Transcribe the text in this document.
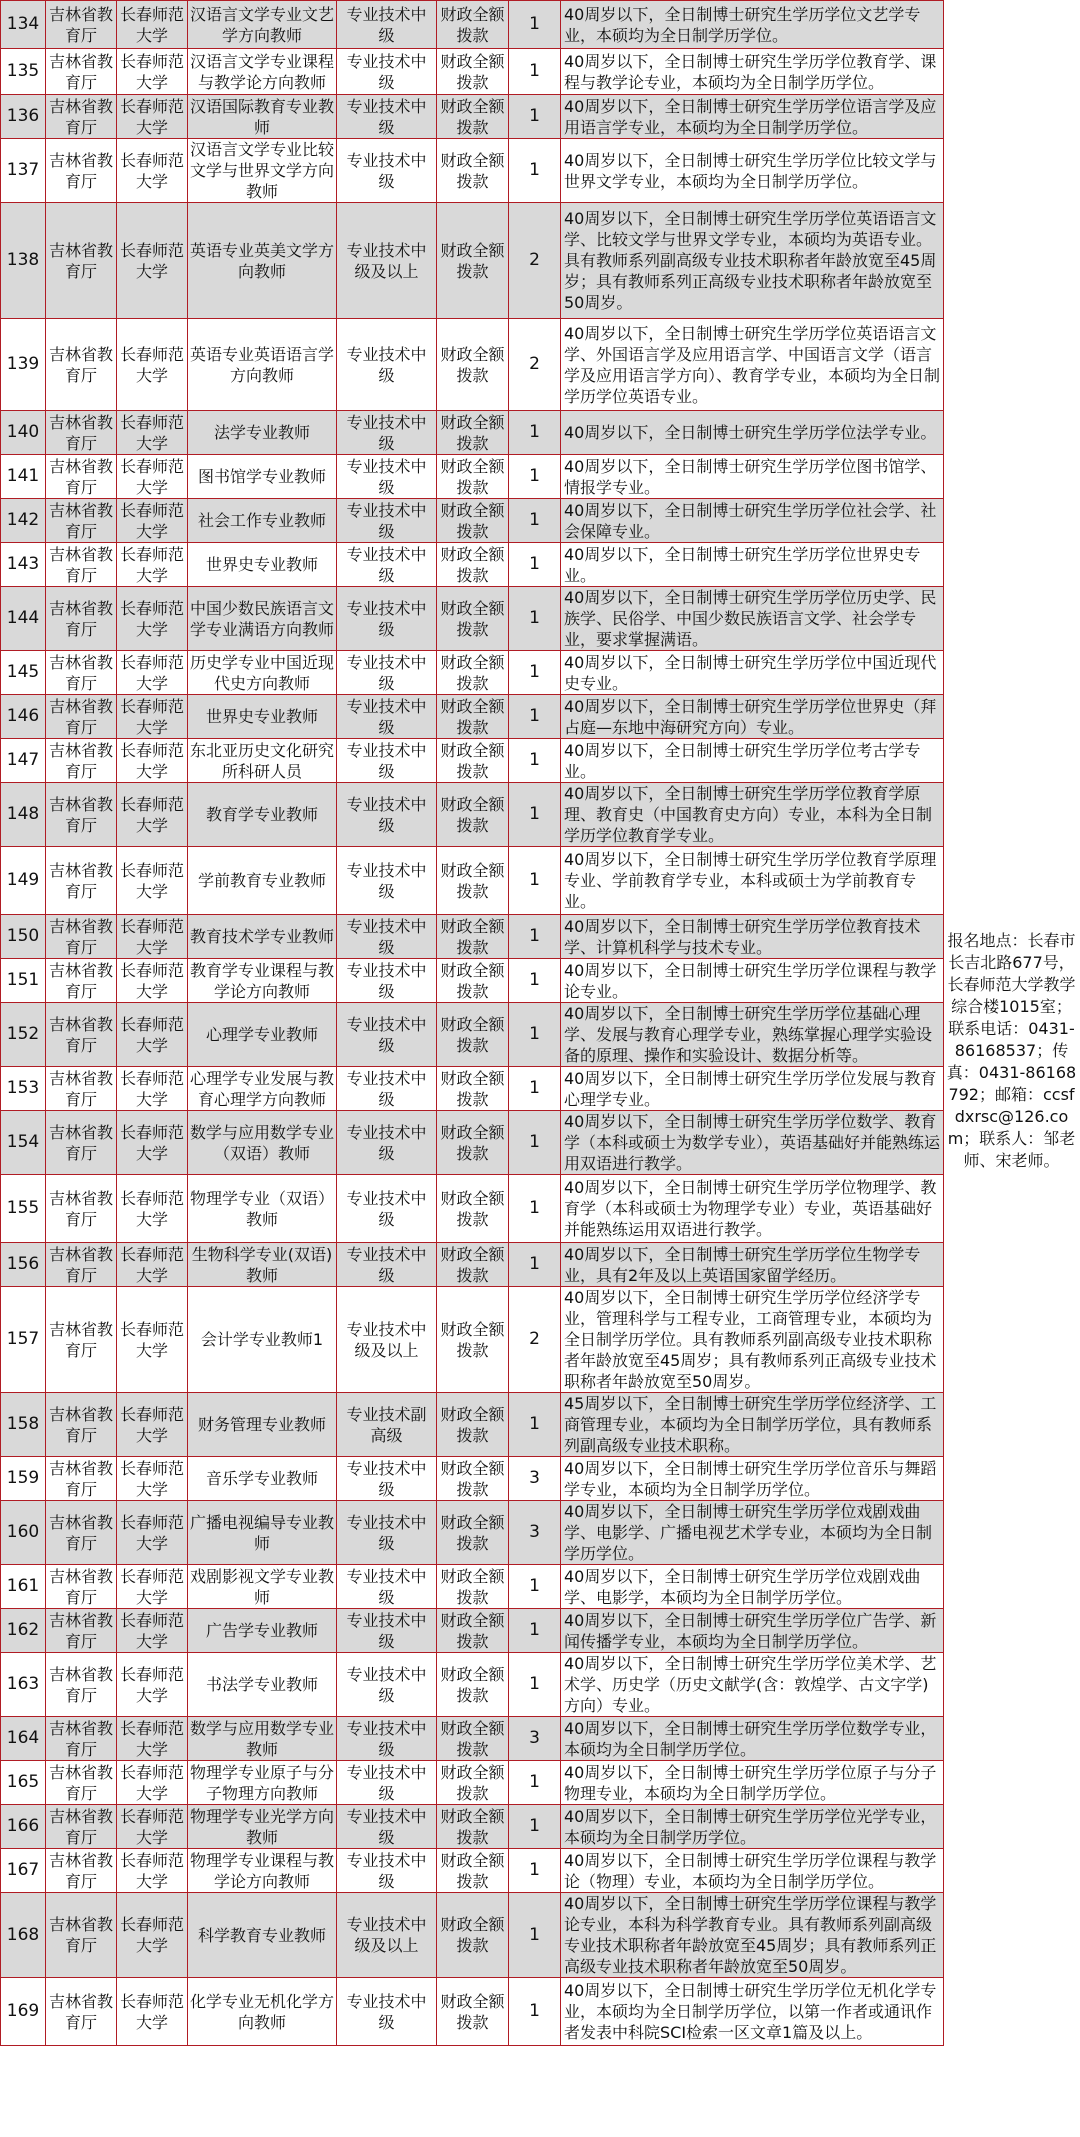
134	吉林省教育厅	长春师范大学	汉语言文学专业文艺学方向教师	专业技术中级	财政全额拨款	1	40周岁以下，全日制博士研究生学历学位文艺学专业，本硕均为全日制学历学位。
135	吉林省教育厅	长春师范大学	汉语言文学专业课程与教学论方向教师	专业技术中级	财政全额拨款	1	40周岁以下，全日制博士研究生学历学位教育学、课程与教学论专业，本硕均为全日制学历学位。
136	吉林省教育厅	长春师范大学	汉语国际教育专业教师	专业技术中级	财政全额拨款	1	40周岁以下，全日制博士研究生学历学位语言学及应用语言学专业，本硕均为全日制学历学位。
137	吉林省教育厅	长春师范大学	汉语言文学专业比较文学与世界文学方向教师	专业技术中级	财政全额拨款	1	40周岁以下，全日制博士研究生学历学位比较文学与世界文学专业，本硕均为全日制学历学位。
138	吉林省教育厅	长春师范大学	英语专业英美文学方向教师	专业技术中级及以上	财政全额拨款	2	40周岁以下，全日制博士研究生学历学位英语语言文学、比较文学与世界文学专业，本硕均为英语专业。具有教师系列副高级专业技术职称者年龄放宽至45周岁；具有教师系列正高级专业技术职称者年龄放宽至50周岁。
139	吉林省教育厅	长春师范大学	英语专业英语语言学方向教师	专业技术中级	财政全额拨款	2	40周岁以下，全日制博士研究生学历学位英语语言文学、外国语言学及应用语言学、中国语言文学（语言学及应用语言学方向）、教育学专业，本硕均为全日制学历学位英语专业。
140	吉林省教育厅	长春师范大学	法学专业教师	专业技术中级	财政全额拨款	1	40周岁以下，全日制博士研究生学历学位法学专业。
141	吉林省教育厅	长春师范大学	图书馆学专业教师	专业技术中级	财政全额拨款	1	40周岁以下，全日制博士研究生学历学位图书馆学、情报学专业。
142	吉林省教育厅	长春师范大学	社会工作专业教师	专业技术中级	财政全额拨款	1	40周岁以下，全日制博士研究生学历学位社会学、社会保障专业。
143	吉林省教育厅	长春师范大学	世界史专业教师	专业技术中级	财政全额拨款	1	40周岁以下，全日制博士研究生学历学位世界史专业。
144	吉林省教育厅	长春师范大学	中国少数民族语言文学专业满语方向教师	专业技术中级	财政全额拨款	1	40周岁以下，全日制博士研究生学历学位历史学、民族学、民俗学、中国少数民族语言文学、社会学专业，要求掌握满语。
145	吉林省教育厅	长春师范大学	历史学专业中国近现代史方向教师	专业技术中级	财政全额拨款	1	40周岁以下，全日制博士研究生学历学位中国近现代史专业。
146	吉林省教育厅	长春师范大学	世界史专业教师	专业技术中级	财政全额拨款	1	40周岁以下，全日制博士研究生学历学位世界史（拜占庭—东地中海研究方向）专业。
147	吉林省教育厅	长春师范大学	东北亚历史文化研究所科研人员	专业技术中级	财政全额拨款	1	40周岁以下，全日制博士研究生学历学位考古学专业。
148	吉林省教育厅	长春师范大学	教育学专业教师	专业技术中级	财政全额拨款	1	40周岁以下，全日制博士研究生学历学位教育学原理、教育史（中国教育史方向）专业，本科为全日制学历学位教育学专业。
149	吉林省教育厅	长春师范大学	学前教育专业教师	专业技术中级	财政全额拨款	1	40周岁以下，全日制博士研究生学历学位教育学原理专业、学前教育学专业，本科或硕士为学前教育专业。
150	吉林省教育厅	长春师范大学	教育技术学专业教师	专业技术中级	财政全额拨款	1	40周岁以下，全日制博士研究生学历学位教育技术学、计算机科学与技术专业。
151	吉林省教育厅	长春师范大学	教育学专业课程与教学论方向教师	专业技术中级	财政全额拨款	1	40周岁以下，全日制博士研究生学历学位课程与教学论专业。
152	吉林省教育厅	长春师范大学	心理学专业教师	专业技术中级	财政全额拨款	1	40周岁以下，全日制博士研究生学历学位基础心理学、发展与教育心理学专业，熟练掌握心理学实验设备的原理、操作和实验设计、数据分析等。
153	吉林省教育厅	长春师范大学	心理学专业发展与教育心理学方向教师	专业技术中级	财政全额拨款	1	40周岁以下，全日制博士研究生学历学位发展与教育心理学专业。
154	吉林省教育厅	长春师范大学	数学与应用数学专业（双语）教师	专业技术中级	财政全额拨款	1	40周岁以下，全日制博士研究生学历学位数学、教育学（本科或硕士为数学专业），英语基础好并能熟练运用双语进行教学。
155	吉林省教育厅	长春师范大学	物理学专业（双语）教师	专业技术中级	财政全额拨款	1	40周岁以下，全日制博士研究生学历学位物理学、教育学（本科或硕士为物理学专业）专业，英语基础好并能熟练运用双语进行教学。
156	吉林省教育厅	长春师范大学	生物科学专业(双语)教师	专业技术中级	财政全额拨款	1	40周岁以下，全日制博士研究生学历学位生物学专业，具有2年及以上英语国家留学经历。
157	吉林省教育厅	长春师范大学	会计学专业教师1	专业技术中级及以上	财政全额拨款	2	40周岁以下，全日制博士研究生学历学位经济学专业，管理科学与工程专业，工商管理专业，本硕均为全日制学历学位。具有教师系列副高级专业技术职称者年龄放宽至45周岁；具有教师系列正高级专业技术职称者年龄放宽至50周岁。
158	吉林省教育厅	长春师范大学	财务管理专业教师	专业技术副高级	财政全额拨款	1	45周岁以下，全日制博士研究生学历学位经济学、工商管理专业，本硕均为全日制学历学位，具有教师系列副高级专业技术职称。
159	吉林省教育厅	长春师范大学	音乐学专业教师	专业技术中级	财政全额拨款	3	40周岁以下，全日制博士研究生学历学位音乐与舞蹈学专业，本硕均为全日制学历学位。
160	吉林省教育厅	长春师范大学	广播电视编导专业教师	专业技术中级	财政全额拨款	3	40周岁以下，全日制博士研究生学历学位戏剧戏曲学、电影学、广播电视艺术学专业，本硕均为全日制学历学位。
161	吉林省教育厅	长春师范大学	戏剧影视文学专业教师	专业技术中级	财政全额拨款	1	40周岁以下，全日制博士研究生学历学位戏剧戏曲学、电影学，本硕均为全日制学历学位。
162	吉林省教育厅	长春师范大学	广告学专业教师	专业技术中级	财政全额拨款	1	40周岁以下，全日制博士研究生学历学位广告学、新闻传播学专业，本硕均为全日制学历学位。
163	吉林省教育厅	长春师范大学	书法学专业教师	专业技术中级	财政全额拨款	1	40周岁以下，全日制博士研究生学历学位美术学、艺术学、历史学（历史文献学(含：敦煌学、古文字学)方向）专业。
164	吉林省教育厅	长春师范大学	数学与应用数学专业教师	专业技术中级	财政全额拨款	3	40周岁以下，全日制博士研究生学历学位数学专业，本硕均为全日制学历学位。
165	吉林省教育厅	长春师范大学	物理学专业原子与分子物理方向教师	专业技术中级	财政全额拨款	1	40周岁以下，全日制博士研究生学历学位原子与分子物理专业，本硕均为全日制学历学位。
166	吉林省教育厅	长春师范大学	物理学专业光学方向教师	专业技术中级	财政全额拨款	1	40周岁以下，全日制博士研究生学历学位光学专业，本硕均为全日制学历学位。
167	吉林省教育厅	长春师范大学	物理学专业课程与教学论方向教师	专业技术中级	财政全额拨款	1	40周岁以下，全日制博士研究生学历学位课程与教学论（物理）专业，本硕均为全日制学历学位。
168	吉林省教育厅	长春师范大学	科学教育专业教师	专业技术中级及以上	财政全额拨款	1	40周岁以下，全日制博士研究生学历学位课程与教学论专业，本科为科学教育专业。具有教师系列副高级专业技术职称者年龄放宽至45周岁；具有教师系列正高级专业技术职称者年龄放宽至50周岁。
169	吉林省教育厅	长春师范大学	化学专业无机化学方向教师	专业技术中级	财政全额拨款	1	40周岁以下，全日制博士研究生学历学位无机化学专业，本硕均为全日制学历学位，以第一作者或通讯作者发表中科院SCI检索一区文章1篇及以上。
报名地点：长春市长吉北路677号，长春师范大学教学综合楼1015室；联系电话：0431-86168537；传真：0431-86168792；邮箱：ccsfdxrsc@126.com；联系人：邹老师、宋老师。
